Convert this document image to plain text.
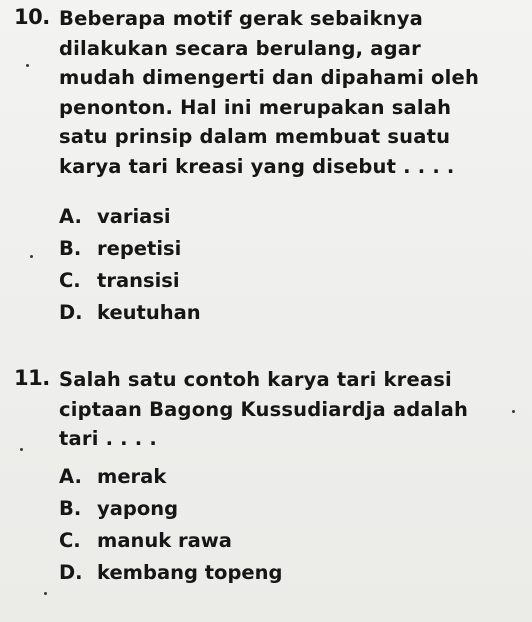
10. Beberapa motif gerak sebaiknya dilakukan secara berulang, agar mudah dimengerti dan dipahami oleh penonton. Hal ini merupakan salah satu prinsip dalam membuat suatu karya tari kreasi yang disebut . . . .
A. variasi
B. repetisi
C. transisi
D. keutuhan
11. Salah satu contoh karya tari kreasi ciptaan Bagong Kussudiardja adalah tari . . . .
A. merak
B. yapong
C. manuk rawa
D. kembang topeng
